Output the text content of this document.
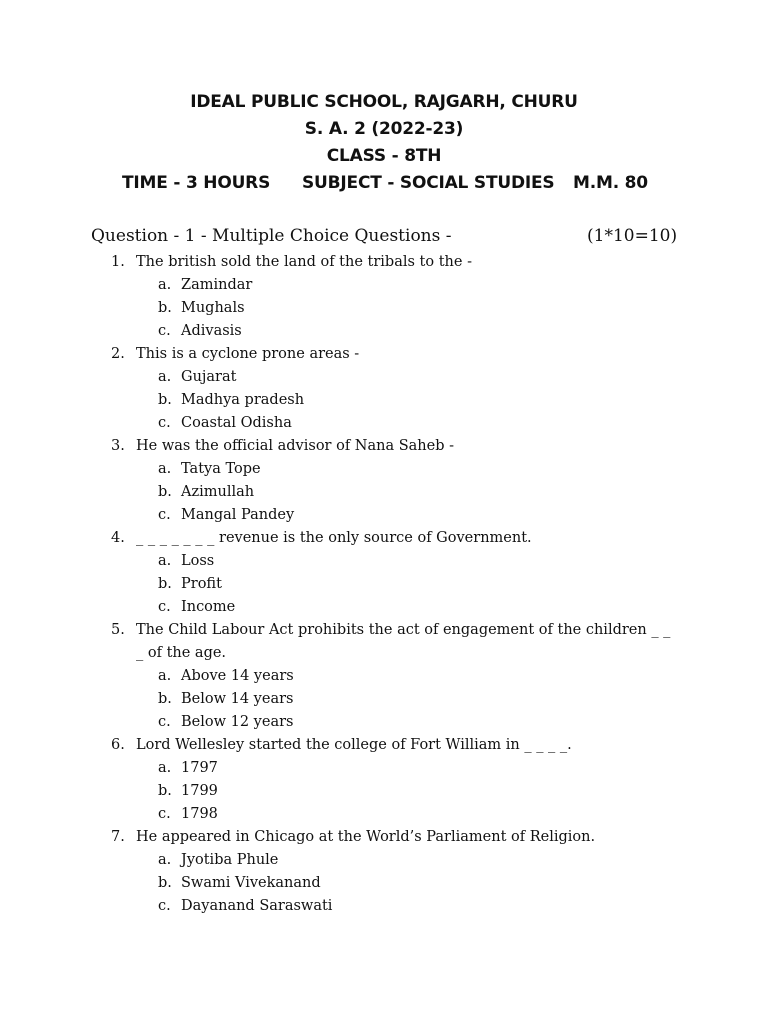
IDEAL PUBLIC SCHOOL, RAJGARH, CHURU
S. A. 2 (2022-23)
CLASS - 8TH
TIME - 3 HOURS SUBJECT - SOCIAL STUDIES M.M. 80
Question - 1 - Multiple Choice Questions -	(1*10=10)
1. The british sold the land of the tribals to the -
a. Zamindar
b. Mughals
c. Adivasis
2. This is a cyclone prone areas -
a. Gujarat
b. Madhya pradesh
c. Coastal Odisha
3. He was the official advisor of Nana Saheb -
a. Tatya Tope
b. Azimullah
c. Mangal Pandey
4. _ _ _ _ _ _ _ revenue is the only source of Government.
a. Loss
b. Profit
c. Income
5. The Child Labour Act prohibits the act of engagement of the children _ _ _ of the age.
a. Above 14 years
b. Below 14 years
c. Below 12 years
6. Lord Wellesley started the college of Fort William in _ _ _ _.
a. 1797
b. 1799
c. 1798
7. He appeared in Chicago at the World’s Parliament of Religion.
a. Jyotiba Phule
b. Swami Vivekanand
c. Dayanand Saraswati
